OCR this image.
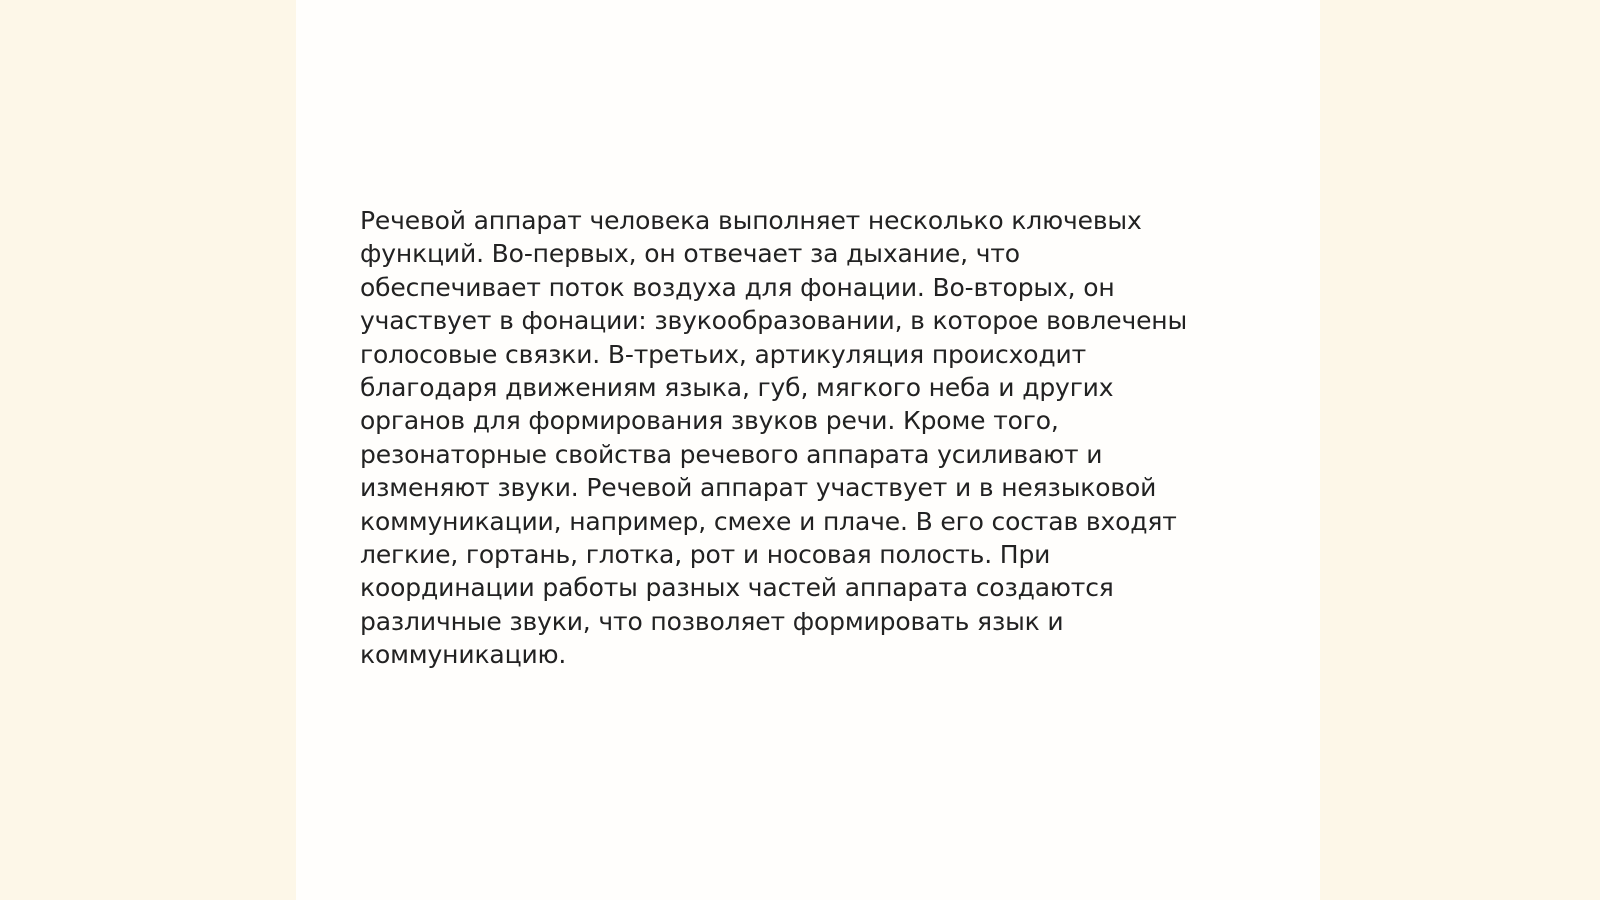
Речевой аппарат человека выполняет несколько ключевых
функций. Во-первых, он отвечает за дыхание, что
обеспечивает поток воздуха для фонации. Во-вторых, он
участвует в фонации: звукообразовании, в которое вовлечены
голосовые связки. В-третьих, артикуляция происходит
благодаря движениям языка, губ, мягкого неба и других
органов для формирования звуков речи. Кроме того,
резонаторные свойства речевого аппарата усиливают и
изменяют звуки. Речевой аппарат участвует и в неязыковой
коммуникации, например, смехе и плаче. В его состав входят
легкие, гортань, глотка, рот и носовая полость. При
координации работы разных частей аппарата создаются
различные звуки, что позволяет формировать язык и
коммуникацию.
